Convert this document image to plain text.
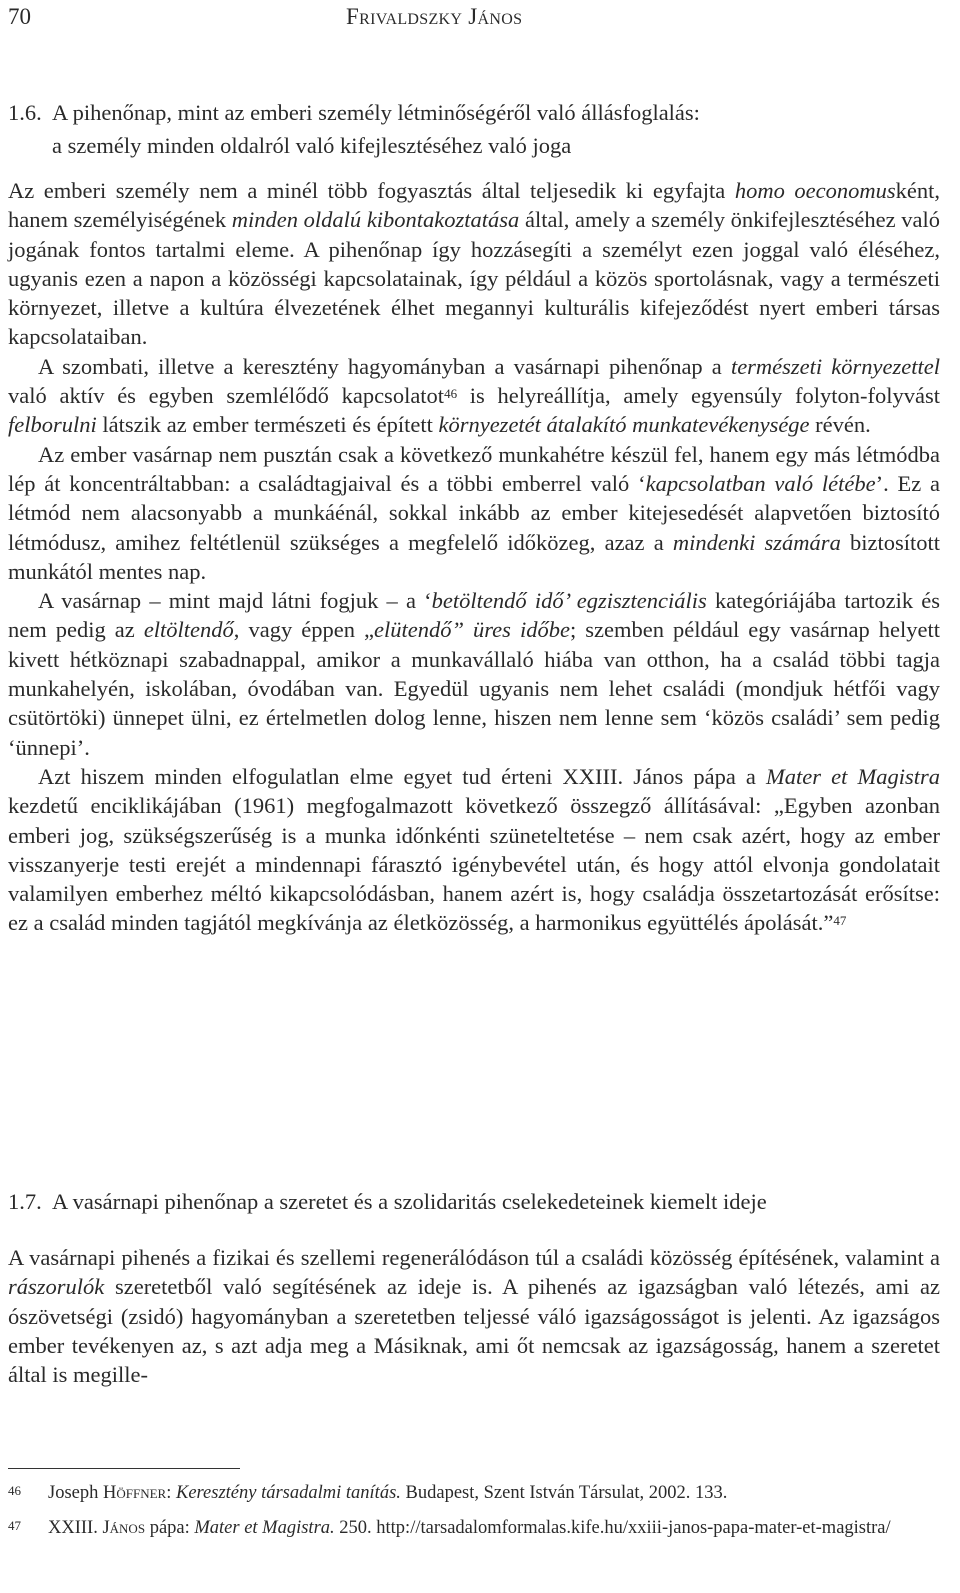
70	Frivaldszky János
1.6. A pihenőnap, mint az emberi személy létminőségéről való állásfoglalás:
a személy minden oldalról való kifejlesztéséhez való joga

Az emberi személy nem a minél több fogyasztás által teljesedik ki egyfajta homo oeconomusként, hanem személyiségének minden oldalú kibontakoztatása által, amely a személy önkifejlesztéséhez való jogának fontos tartalmi eleme. A pihenőnap így hozzásegíti a személyt ezen joggal való éléséhez, ugyanis ezen a napon a közösségi kapcsolatainak, így például a közös sportolásnak, vagy a természeti környezet, illetve a kultúra élvezetének élhet megannyi kulturális kifejeződést nyert emberi társas kapcsolataiban.

A szombati, illetve a keresztény hagyományban a vasárnapi pihenőnap a természeti környezettel való aktív és egyben szemlélődő kapcsolatot$^{46}$ is helyreállítja, amely egyensúly folyton-folyvást felborulni látszik az ember természeti és épített környezetét átalakító munkatevékenysége révén.

Az ember vasárnap nem pusztán csak a következő munkahétre készül fel, hanem egy más létmódba lép át koncentráltabban: a családtagjaival és a többi emberrel való ‘kapcsolatban való létébe’. Ez a létmód nem alacsonyabb a munkáénál, sokkal inkább az ember kitejesedését alapvetően biztosító létmódusz, amihez feltétlenül szükséges a megfelelő időközeg, azaz a mindenki számára biztosított munkától mentes nap.

A vasárnap – mint majd látni fogjuk – a ‘betöltendő idő’ egzisztenciális kategóriájába tartozik és nem pedig az eltöltendő, vagy éppen „elütendő” üres időbe; szemben például egy vasárnap helyett kivett hétköznapi szabadnappal, amikor a munkavállaló hiába van otthon, ha a család többi tagja munkahelyén, iskolában, óvodában van. Egyedül ugyanis nem lehet családi (mondjuk hétfői vagy csütörtöki) ünnepet ülni, ez értelmetlen dolog lenne, hiszen nem lenne sem ‘közös családi’ sem pedig ‘ünnepi’.

Azt hiszem minden elfogulatlan elme egyet tud érteni XXIII. János pápa a Mater et Magistra kezdetű enciklikájában (1961) megfogalmazott következő összegző állításával: „Egyben azonban emberi jog, szükségszerűség is a munka időnkénti szüneteltetése – nem csak azért, hogy az ember visszanyerje testi erejét a mindennapi fárasztó igénybevétel után, és hogy attól elvonja gondolatait valamilyen emberhez méltó kikapcsolódásban, hanem azért is, hogy családja összetartozását erősítse: ez a család minden tagjától megkívánja az életközösség, a harmonikus együttélés ápolását.”$^{47}$

1.7. A vasárnapi pihenőnap a szeretet és a szolidaritás cselekedeteinek kiemelt ideje

A vasárnapi pihenés a fizikai és szellemi regenerálódáson túl a családi közösség építésének, valamint a rászorulók szeretetből való segítésének az ideje is. A pihenés az igazságban való létezés, ami az ószövetségi (zsidó) hagyományban a szeretetben teljessé váló igazságosságot is jelenti. Az igazságos ember tevékenyen az, s azt adja meg a Másiknak, ami őt nemcsak az igazságosság, hanem a szeretet által is megille-

46 Joseph Höffner: Keresztény társadalmi tanítás. Budapest, Szent István Társulat, 2002. 133.
47 XXIII. János pápa: Mater et Magistra. 250. http://tarsadalomformalas.kife.hu/xxiii-janos-papa-mater-et-magistra/
